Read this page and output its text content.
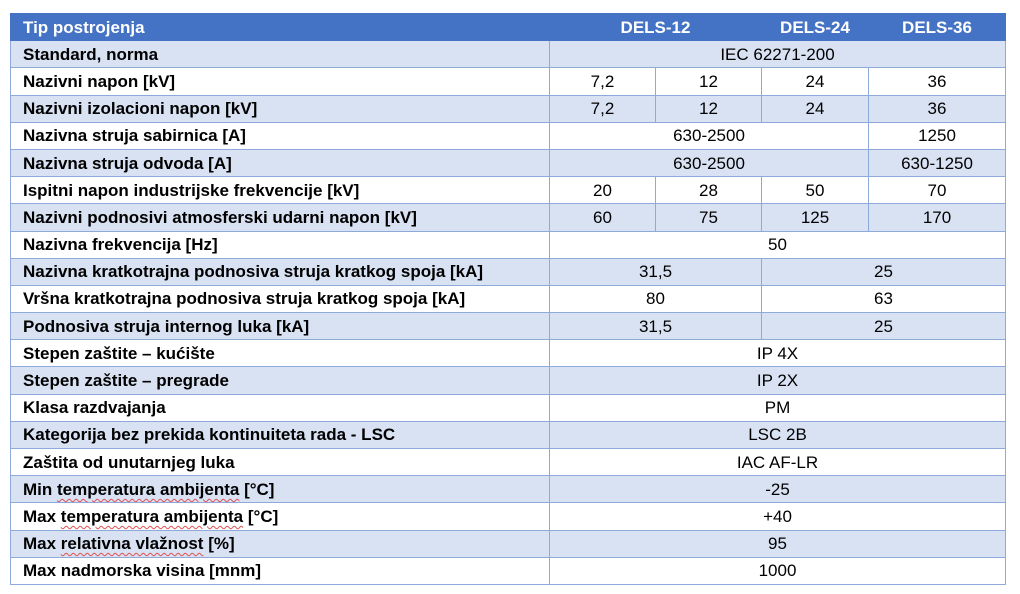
Tip postrojenja	DELS-12		DELS-24	DELS-36
Standard, norma	IEC 62271-200			
Nazivni napon [kV]	7,2	12	24	36
Nazivni izolacioni napon [kV]	7,2	12	24	36
Nazivna struja sabirnica [A]	630-2500			1250
Nazivna struja odvoda [A]	630-2500			630-1250
Ispitni napon industrijske frekvencije [kV]	20	28	50	70
Nazivni podnosivi atmosferski udarni napon [kV]	60	75	125	170
Nazivna frekvencija [Hz]	50			
Nazivna kratkotrajna podnosiva struja kratkog spoja [kA]	31,5		25	
Vršna kratkotrajna podnosiva struja kratkog spoja [kA]	80		63	
Podnosiva struja internog luka [kA]	31,5		25	
Stepen zaštite – kućište	IP 4X			
Stepen zaštite – pregrade	IP 2X			
Klasa razdvajanja	PM			
Kategorija bez prekida kontinuiteta rada - LSC	LSC 2B			
Zaštita od unutarnjeg luka	IAC AF-LR			
Min temperatura ambijenta [°C]	-25			
Max temperatura ambijenta [°C]	+40			
Max relativna vlažnost [%]	95			
Max nadmorska visina [mnm]	1000			
